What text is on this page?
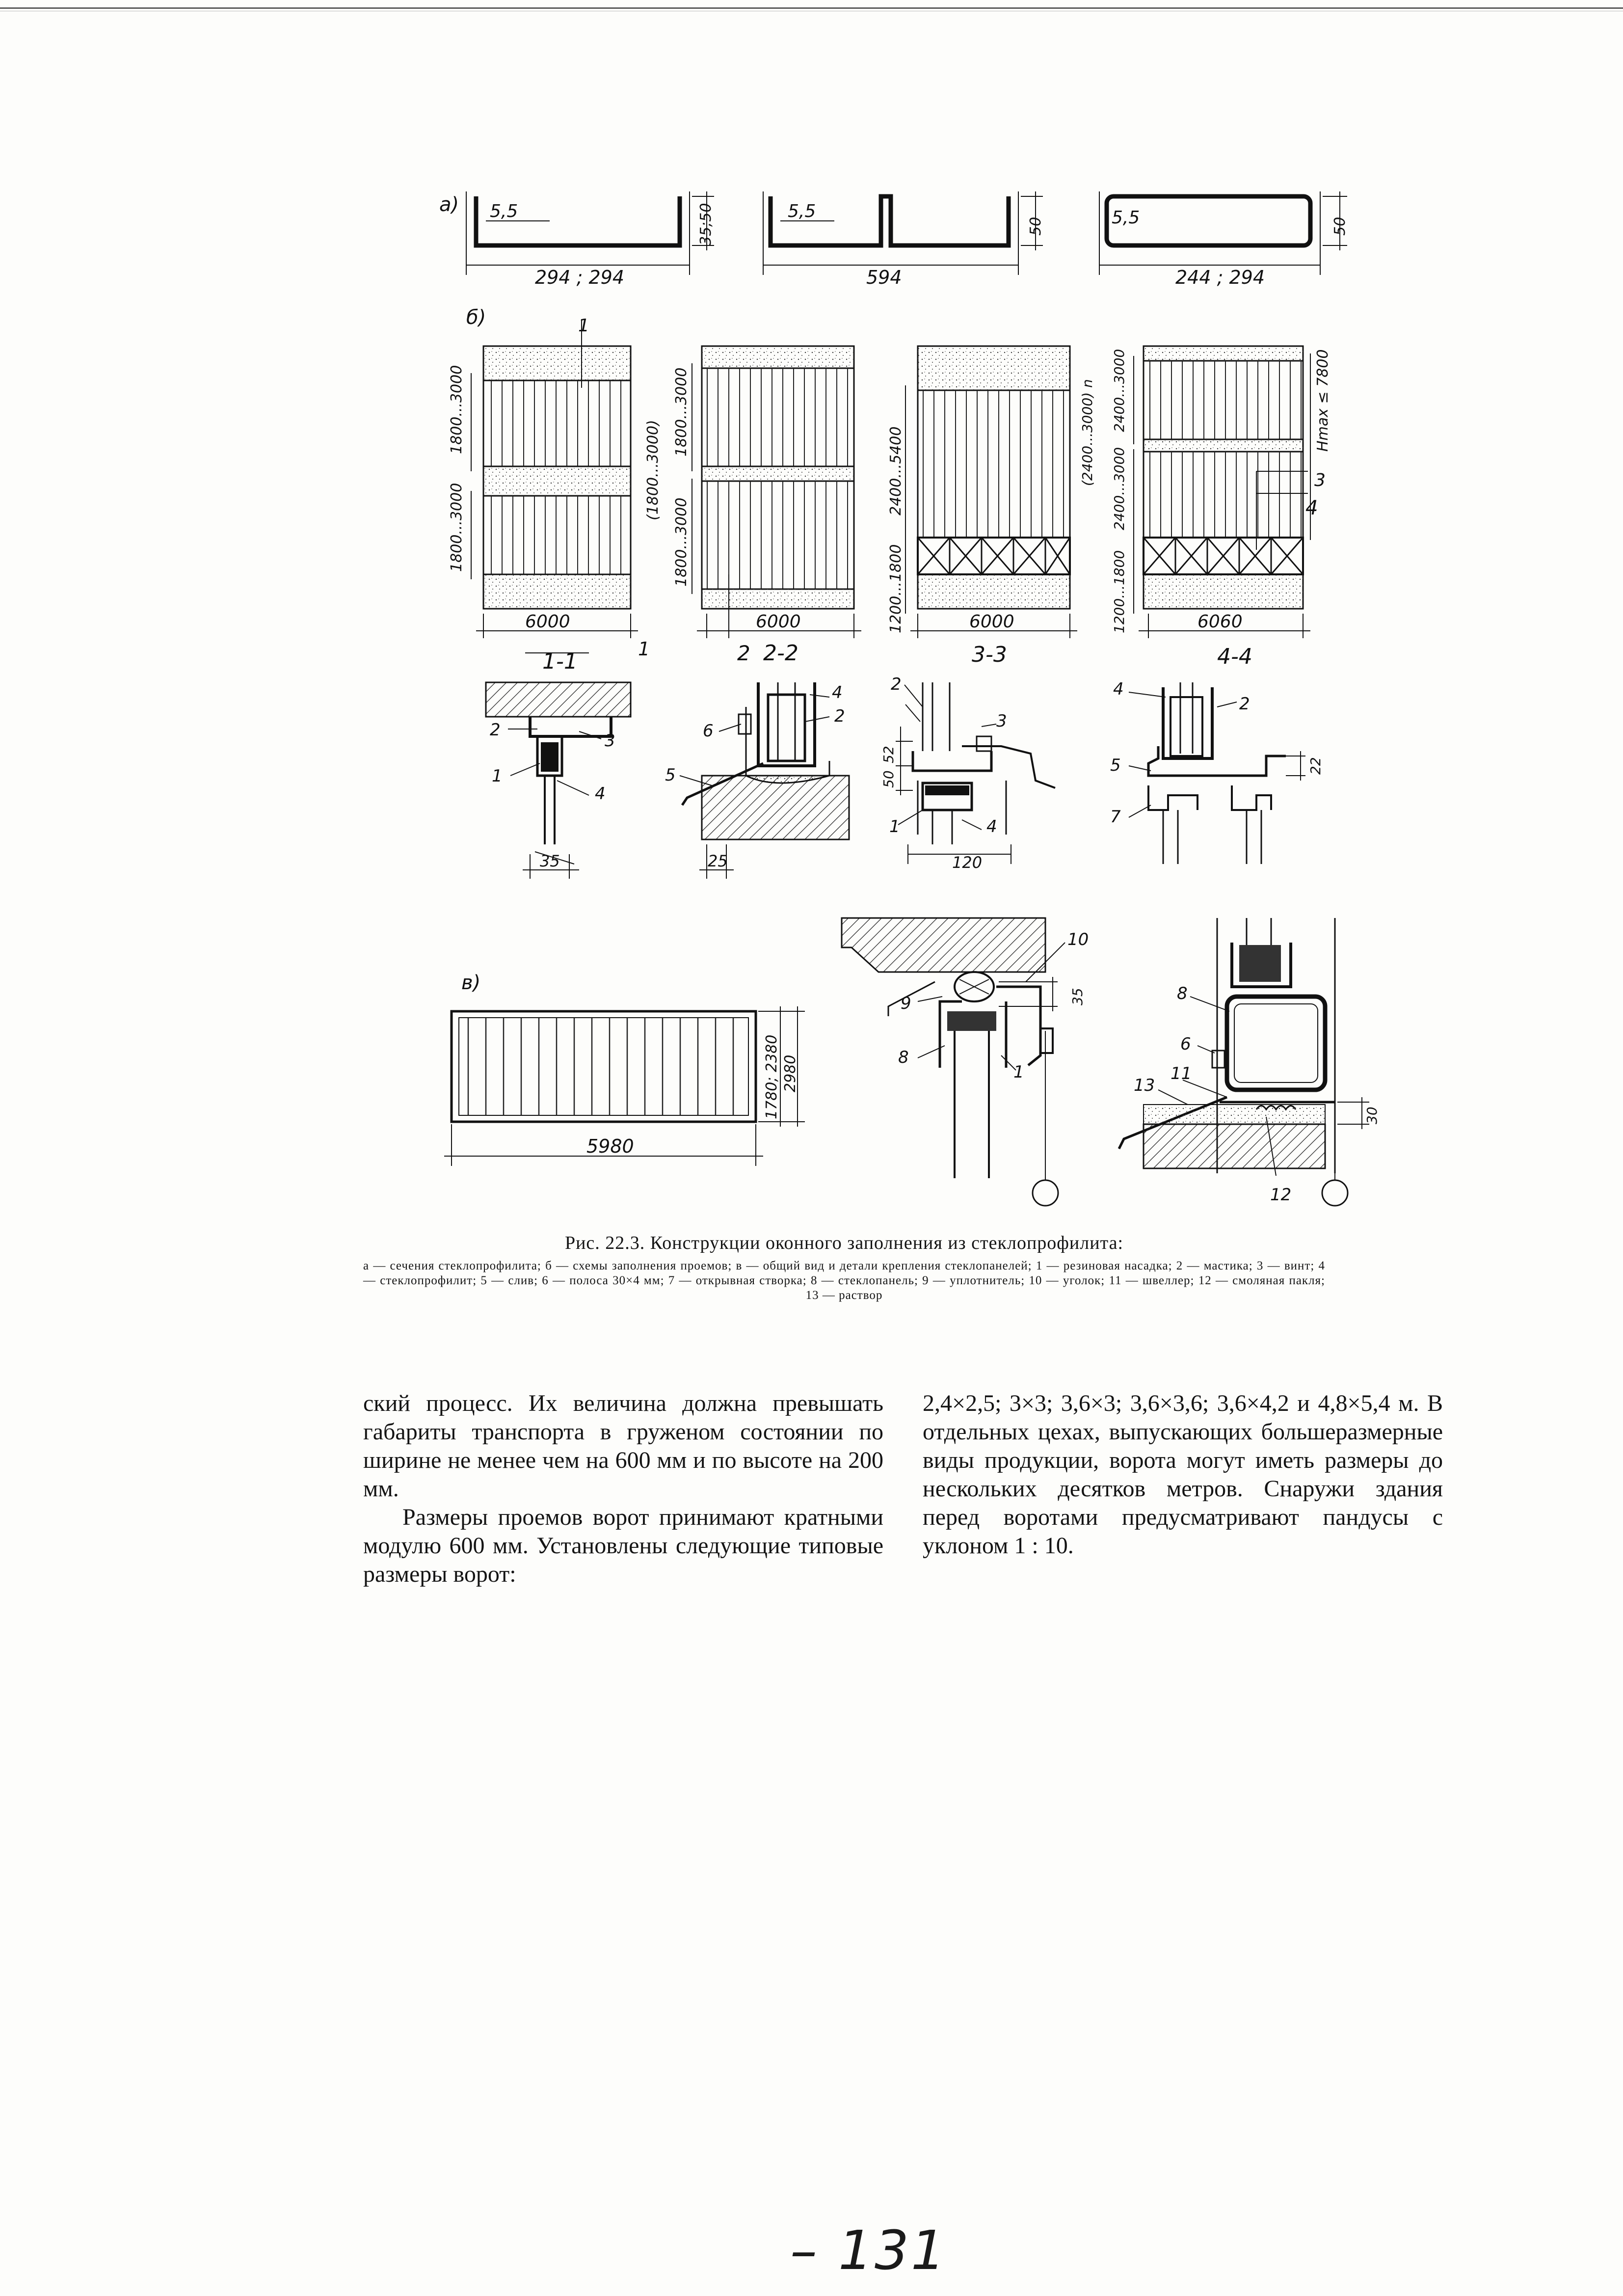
а) 5,5
294 ; 294
35;50	5,5
594
50	5,5
244 ; 294
50
б)	1
1800...3000
1800...3000
6000
(1800...3000)
1800...3000
1800...3000
6000
2400...5400
1200...1800	6000
(2400...3000) n 2400...3000
2400...3000
1200...1800
Hmax ≤ 7800
3
4
6060
1	2
1-1	2-2	3-3	4-4
2
3
1
4
35
4
2
6
5
25
2
3
1	4
52
50
120
4
2
5
7
22
в)
5980
1780; 2380 2980
10
9
8
1
35	8
6
13
11
12
30
Рис. 22.3. Конструкции оконного заполнения из стеклопрофилита:
а — сечения стеклопрофилита; б — схемы заполнения проемов; в — общий вид и детали крепления стеклопанелей; 1 — резиновая насадка; 2 — мастика; 3 — винт; 4 — стеклопрофилит; 5 — слив; 6 — полоса 30×4 мм; 7 — открывная створка; 8 — стеклопанель; 9 — уплотнитель; 10 — уголок; 11 — швеллер; 12 — смоляная пакля; 13 — раствор

ский процесс. Их величина должна превышать габариты транспорта в груженом состоянии по ширине не менее чем на 600 мм и по высоте на 200 мм.

Размеры проемов ворот принимают кратными модулю 600 мм. Установлены следующие типовые размеры ворот:

2,4×2,5; 3×3; 3,6×3; 3,6×3,6; 3,6×4,2 и 4,8×5,4 м. В отдельных цехах, выпускающих большеразмерные виды продукции, ворота могут иметь размеры до нескольких десятков метров. Снаружи здания перед воротами предусматривают пандусы с уклоном 1 : 10.

– 131
